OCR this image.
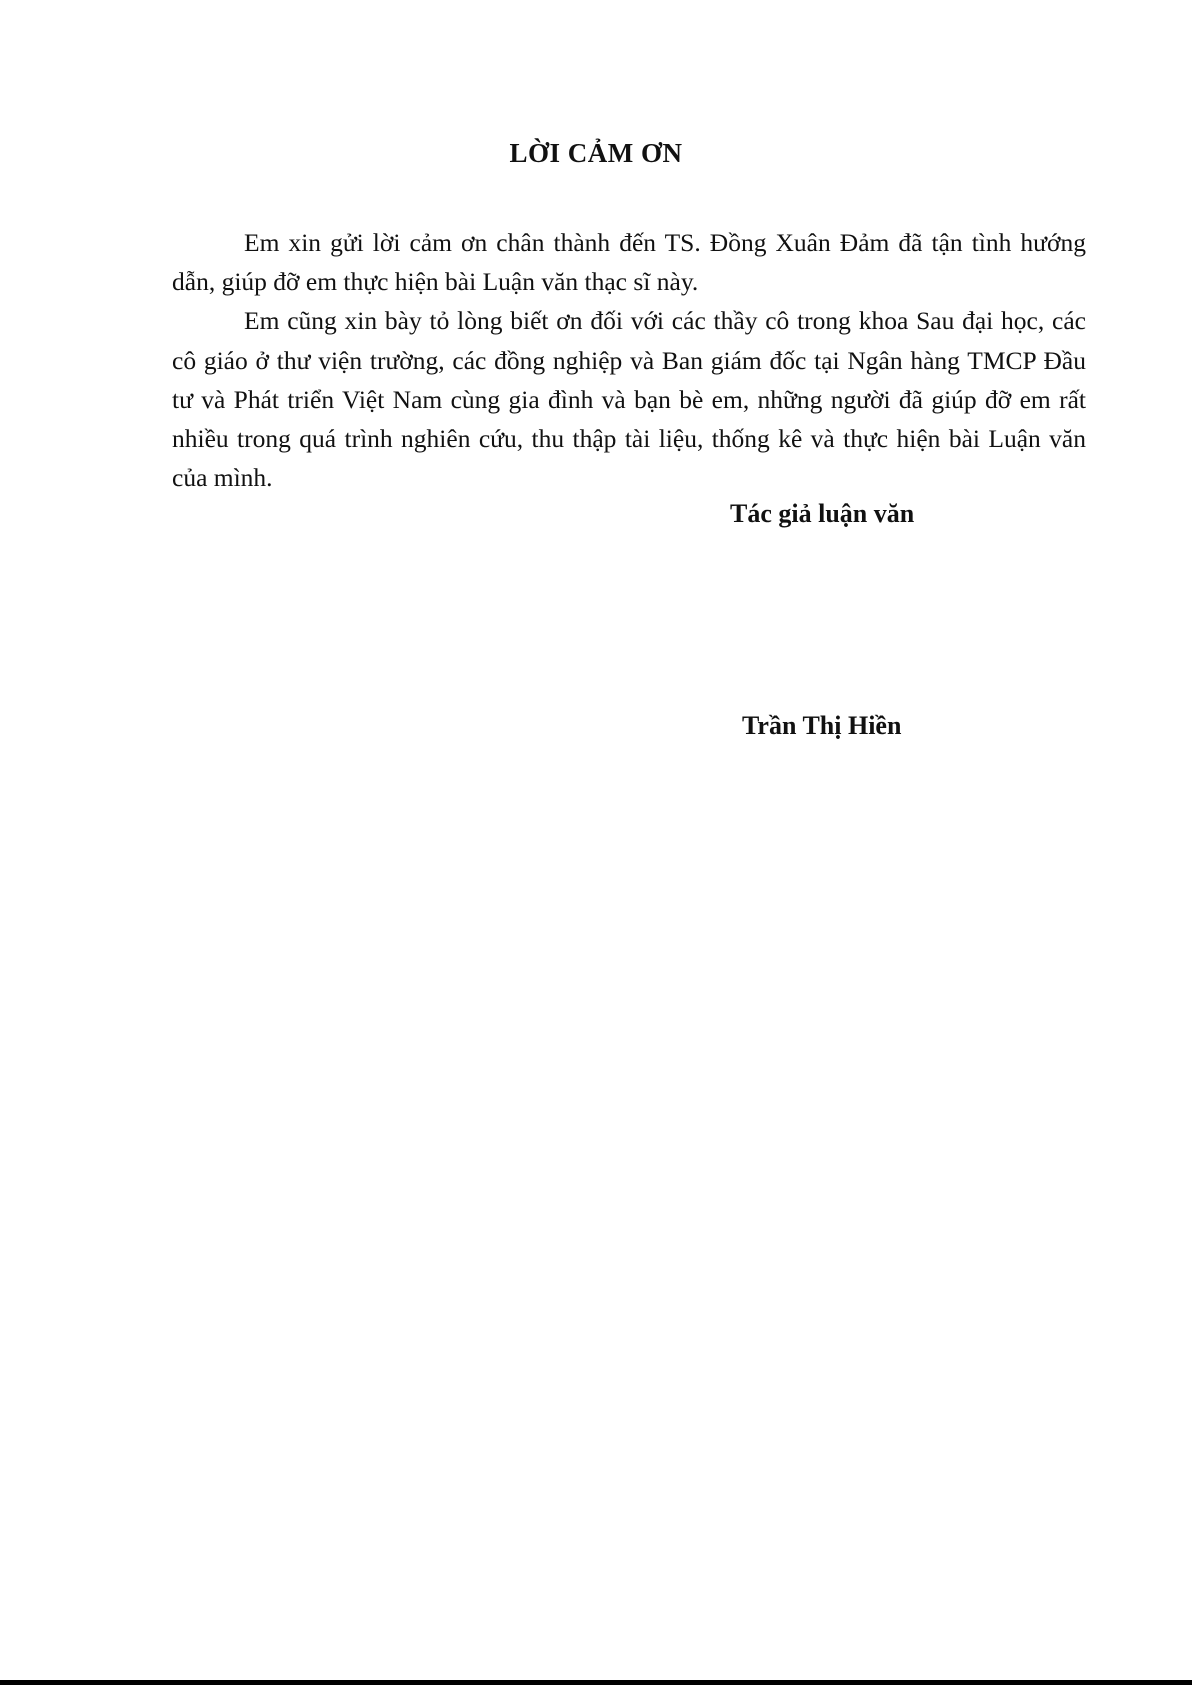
LỜI CẢM ƠN

Em xin gửi lời cảm ơn chân thành đến TS. Đồng Xuân Đảm đã tận tình hướng dẫn, giúp đỡ em thực hiện bài Luận văn thạc sĩ này.

Em cũng xin bày tỏ lòng biết ơn đối với các thầy cô trong khoa Sau đại học, các cô giáo ở thư viện trường, các đồng nghiệp và Ban giám đốc tại Ngân hàng TMCP Đầu tư và Phát triển Việt Nam cùng gia đình và bạn bè em, những người đã giúp đỡ em rất nhiều trong quá trình nghiên cứu, thu thập tài liệu, thống kê và thực hiện bài Luận văn của mình.

Tác giả luận văn
Trần Thị Hiền
